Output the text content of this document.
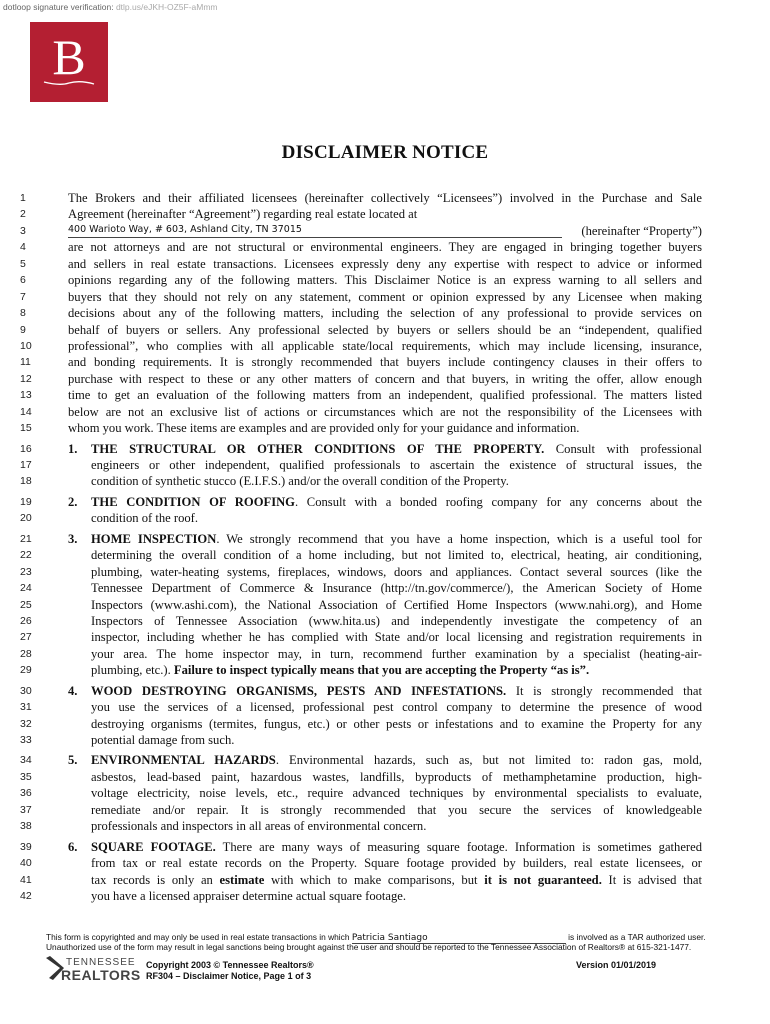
dotloop signature verification: dtlp.us/eJKH-OZ5F-aMmm
B
DISCLAIMER NOTICE
1	The Brokers and their affiliated licensees (hereinafter collectively “Licensees”) involved in the Purchase and Sale
2	Agreement (hereinafter “Agreement”) regarding real estate located at
3	400 Warioto Way, # 603, Ashland City, TN 37015	(hereinafter “Property”)
4	are not attorneys and are not structural or environmental engineers. They are engaged in bringing together buyers
5	and sellers in real estate transactions. Licensees expressly deny any expertise with respect to advice or informed
6	opinions regarding any of the following matters. This Disclaimer Notice is an express warning to all sellers and
7	buyers that they should not rely on any statement, comment or opinion expressed by any Licensee when making
8	decisions about any of the following matters, including the selection of any professional to provide services on
9	behalf of buyers or sellers. Any professional selected by buyers or sellers should be an “independent, qualified
10	professional”, who complies with all applicable state/local requirements, which may include licensing, insurance,
11	and bonding requirements. It is strongly recommended that buyers include contingency clauses in their offers to
12	purchase with respect to these or any other matters of concern and that buyers, in writing the offer, allow enough
13	time to get an evaluation of the following matters from an independent, qualified professional. The matters listed
14	below are not an exclusive list of actions or circumstances which are not the responsibility of the Licensees with
15	whom you work. These items are examples and are provided only for your guidance and information.
16	1. THE STRUCTURAL OR OTHER CONDITIONS OF THE PROPERTY. Consult with professional
17	engineers or other independent, qualified professionals to ascertain the existence of structural issues, the
18	condition of synthetic stucco (E.I.F.S.) and/or the overall condition of the Property.
19	2. THE CONDITION OF ROOFING. Consult with a bonded roofing company for any concerns about the
20	condition of the roof.
21	3. HOME INSPECTION. We strongly recommend that you have a home inspection, which is a useful tool for
22	determining the overall condition of a home including, but not limited to, electrical, heating, air conditioning,
23	plumbing, water-heating systems, fireplaces, windows, doors and appliances. Contact several sources (like the
24	Tennessee Department of Commerce & Insurance (http://tn.gov/commerce/), the American Society of Home
25	Inspectors (www.ashi.com), the National Association of Certified Home Inspectors (www.nahi.org), and Home
26	Inspectors of Tennessee Association (www.hita.us) and independently investigate the competency of an
27	inspector, including whether he has complied with State and/or local licensing and registration requirements in
28	your area. The home inspector may, in turn, recommend further examination by a specialist (heating-air-
29	plumbing, etc.). Failure to inspect typically means that you are accepting the Property “as is”.
30	4. WOOD DESTROYING ORGANISMS, PESTS AND INFESTATIONS. It is strongly recommended that
31	you use the services of a licensed, professional pest control company to determine the presence of wood
32	destroying organisms (termites, fungus, etc.) or other pests or infestations and to examine the Property for any
33	potential damage from such.
34	5. ENVIRONMENTAL HAZARDS. Environmental hazards, such as, but not limited to: radon gas, mold,
35	asbestos, lead-based paint, hazardous wastes, landfills, byproducts of methamphetamine production, high-
36	voltage electricity, noise levels, etc., require advanced techniques by environmental specialists to evaluate,
37	remediate and/or repair. It is strongly recommended that you secure the services of knowledgeable
38	professionals and inspectors in all areas of environmental concern.
39	6. SQUARE FOOTAGE. There are many ways of measuring square footage. Information is sometimes gathered
40	from tax or real estate records on the Property. Square footage provided by builders, real estate licensees, or
41	tax records is only an estimate with which to make comparisons, but it is not guaranteed. It is advised that
42	you have a licensed appraiser determine actual square footage.
This form is copyrighted and may only be used in real estate transactions in which Patricia Santiago	is involved as a TAR authorized user.
Unauthorized use of the form may result in legal sanctions being brought against the user and should be reported to the Tennessee Association of Realtors® at 615-321-1477.
TENNESSEE
REALTORS
Copyright 2003 © Tennessee Realtors®
RF304 – Disclaimer Notice, Page 1 of 3
Version 01/01/2019
